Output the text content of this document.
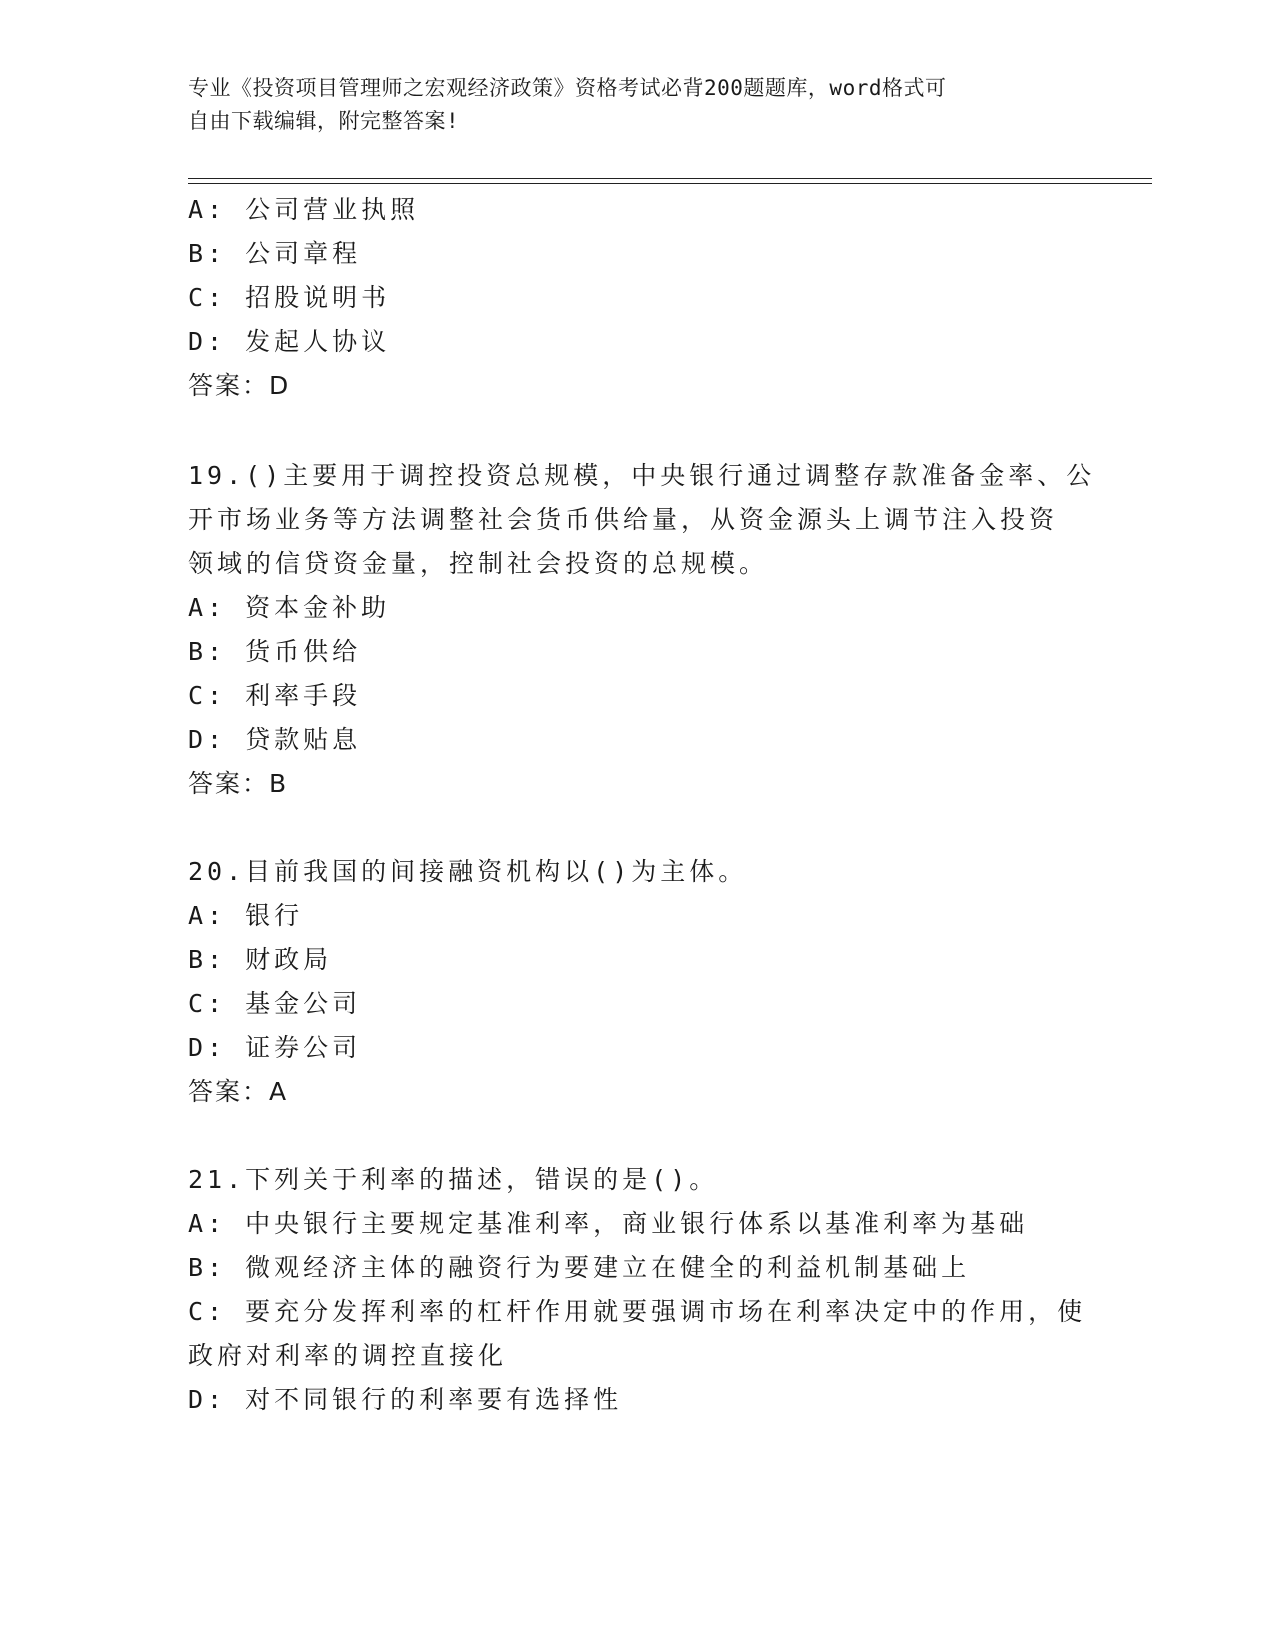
专业《投资项目管理师之宏观经济政策》资格考试必背200题题库，word格式可
自由下载编辑，附完整答案!
A: 公司营业执照
B: 公司章程
C: 招股说明书
D: 发起人协议
答案：D
19.()主要用于调控投资总规模，中央银行通过调整存款准备金率、公
开市场业务等方法调整社会货币供给量，从资金源头上调节注入投资
领域的信贷资金量，控制社会投资的总规模。
A: 资本金补助
B: 货币供给
C: 利率手段
D: 贷款贴息
答案：B
20.目前我国的间接融资机构以()为主体。
A: 银行
B: 财政局
C: 基金公司
D: 证券公司
答案：A
21.下列关于利率的描述，错误的是()。
A: 中央银行主要规定基准利率，商业银行体系以基准利率为基础
B: 微观经济主体的融资行为要建立在健全的利益机制基础上
C: 要充分发挥利率的杠杆作用就要强调市场在利率决定中的作用，使
政府对利率的调控直接化
D: 对不同银行的利率要有选择性
